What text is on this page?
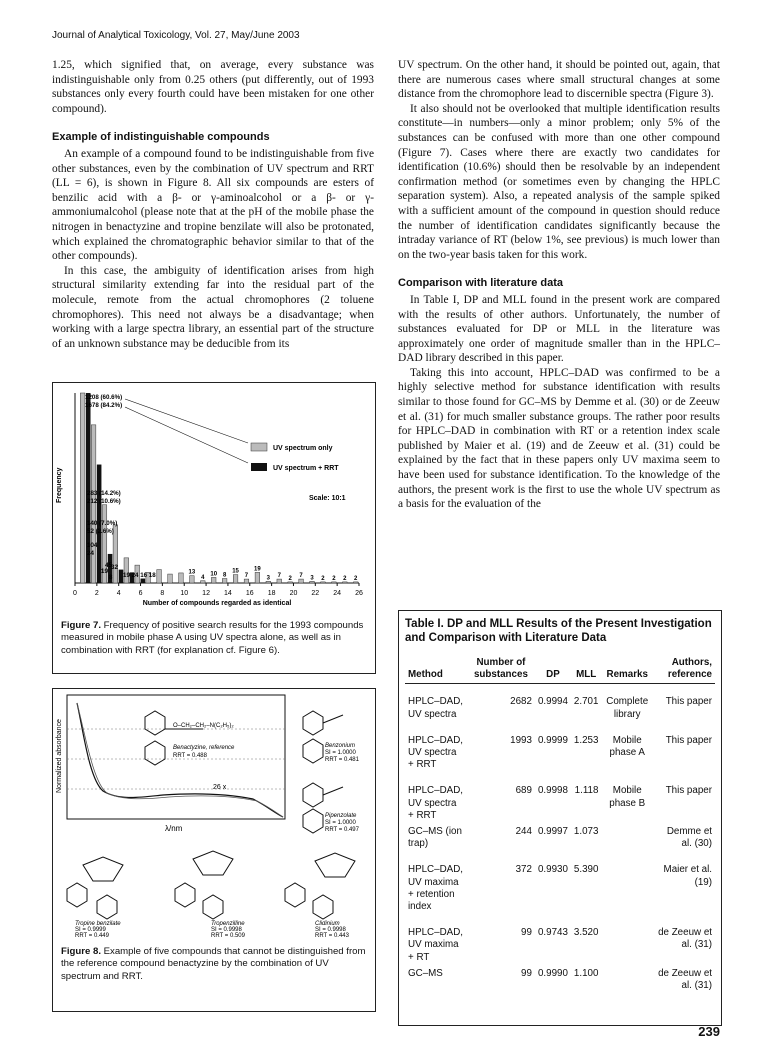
Journal of Analytical Toxicology, Vol. 27, May/June 2003

1.25, which signified that, on average, every substance was indistinguishable only from 0.25 others (put differently, out of 1993 substances only every fourth could have been mistaken for one other compound).

Example of indistinguishable compounds

An example of a compound found to be indistinguishable from five other substances, even by the combination of UV spectrum and RRT (LL = 6), is shown in Figure 8. All six compounds are esters of benzilic acid with a β- or γ-aminoalcohol or a β- or γ-ammoniumalcohol (please note that at the pH of the mobile phase the nitrogen in benactyzine and tropine benzilate will also be protonated, which explained the chromatographic behavior similar to that of the other compounds).

In this case, the ambiguity of identification arises from high structural similarity extending far into the residual part of the molecule, remote from the actual chromophores (2 toluene chromophores). This need not always be a disadvantage; when working with a large spectra library, an essential part of the structure of an unknown substance may be deducible from its

UV spectrum. On the other hand, it should be pointed out, again, that there are numerous cases where small structural changes at some distance from the chromophore lead to discernible spectra (Figure 3).

It also should not be overlooked that multiple identification results constitute—in numbers—only a minor problem; only 5% of the substances can be confused with more than one other compound (Figure 7). Cases where there are exactly two candidates for identification (10.6%) should then be resolvable by an independent confirmation method (or sometimes even by changing the HPLC separation system). Also, a repeated analysis of the sample spiked with a sufficient amount of the compound in question should reduce the number of identification candidates significantly because the intraday variance of RT (below 1%, see previous) is much lower than on the two-year basis taken for this work.

Comparison with literature data

In Table I, DP and MLL found in the present work are compared with the results of other authors. Unfortunately, the number of substances evaluated for DP or MLL in the literature was approximately one order of magnitude smaller than in the HPLC–DAD library described in this paper.

Taking this into account, HPLC–DAD was confirmed to be a highly selective method for substance identification with results similar to those found for GC–MS by Demme et al. (30) or de Zeeuw et al. (31) for much smaller substance groups. The rather poor results for HPLC–DAD in combination with RT or a retention index scale published by Maier et al. (19) and de Zeeuw et al. (31) could be explained by the fact that in these papers only UV maxima seem to have been used for substance identification. To the knowledge of the authors, the present work is the first to use the whole UV spectrum as a basis for the evaluation of the

0	2	4	6	8 10 12 14 16 18 20 22 24 26
Number of compounds regarded as identical
Frequency
UV spectrum only
UV spectrum + RRT
Scale: 10:1
1208 (60.6%)
1678 (84.2%)
283 (14.2%)
212 (10.6%)
140 (7.0%)
52 (2.6%)
104
24
45
19
32
8 19 24 16 18	13
4
10 8
15
7
19
3 7 2 7 3 2 2 2 2
Figure 7. Frequency of positive search results for the 1993 compounds measured in mobile phase A using UV spectra alone, as well as in combination with RRT (for explanation cf. Figure 6).
Normalized absorbance
λ/nm
26 x
O–CH₂–CH₂–N(C₂H₅)₂
Benactyzine, reference
RRT = 0.488
Benzonium
SI = 1.0000
RRT = 0.481
Pipenzolate
SI = 1.0000
RRT = 0.497
Tropine benzilate
SI = 0.9999
RRT = 0.449
Tropenzilline
SI = 0.9998
RRT = 0.509
Clidinium
SI = 0.9998
RRT = 0.443
Figure 8. Example of five compounds that cannot be distinguished from the reference compound benactyzine by the combination of UV spectrum and RRT.
Table I. DP and MLL Results of the Present Investigation and Comparison with Literature Data
Method	Number of substances	DP	MLL	Remarks	Authors, reference
HPLC–DAD, UV spectra	2682	0.9994	2.701	Complete library	This paper
HPLC–DAD, UV spectra + RRT	1993	0.9999	1.253	Mobile phase A	This paper
HPLC–DAD, UV spectra + RRT	689	0.9998	1.118	Mobile phase B	This paper
GC–MS (ion trap)	244	0.9997	1.073		Demme et al. (30)
HPLC–DAD, UV maxima + retention index	372	0.9930	5.390		Maier et al. (19)
HPLC–DAD, UV maxima + RT	99	0.9743	3.520		de Zeeuw et al. (31)
GC–MS	99	0.9990	1.100		de Zeeuw et al. (31)
239
